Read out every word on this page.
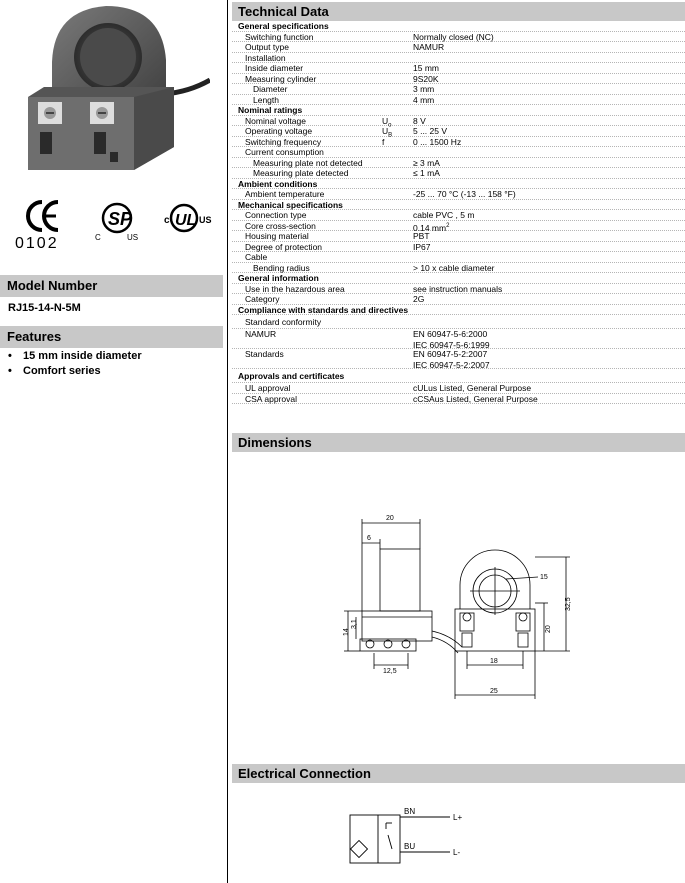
0102
SP
C	US
UL
c	US
Model Number
RJ15-14-N-5M
Features
• 15 mm inside diameter
• Comfort series
Technical Data
General specifications
Switching function	Normally closed (NC)
Output type	NAMUR
Installation
Inside diameter	15 mm
Measuring cylinder	9S20K
Diameter	3 mm
Length	4 mm
Nominal ratings
Nominal voltage	$U_o$	8 V
Operating voltage	$U_B$	5 ... 25 V
Switching frequency	f	0 ... 1500 Hz
Current consumption
Measuring plate not detected	≥ 3 mA
Measuring plate detected	≤ 1 mA
Ambient conditions
Ambient temperature	-25 ... 70 °C (-13 ... 158 °F)
Mechanical specifications
Connection type	cable PVC , 5 m
Core cross-section	0.14 $mm^2$
Housing material	PBT
Degree of protection	IP67
Cable
Bending radius	> 10 x cable diameter
General information
Use in the hazardous area	see instruction manuals
Category	2G
Compliance with standards and directives
Standard conformity
NAMUR	EN 60947-5-6:2000
IEC 60947-5-6:1999
Standards	EN 60947-5-2:2007
IEC 60947-5-2:2007
Approvals and certificates
UL approval	cULus Listed, General Purpose
CSA approval	cCSAus Listed, General Purpose
Dimensions
20
6
14
3,1
12,5
15
32,5
20
18
25
Electrical Connection
BN
BU
L+
L-
